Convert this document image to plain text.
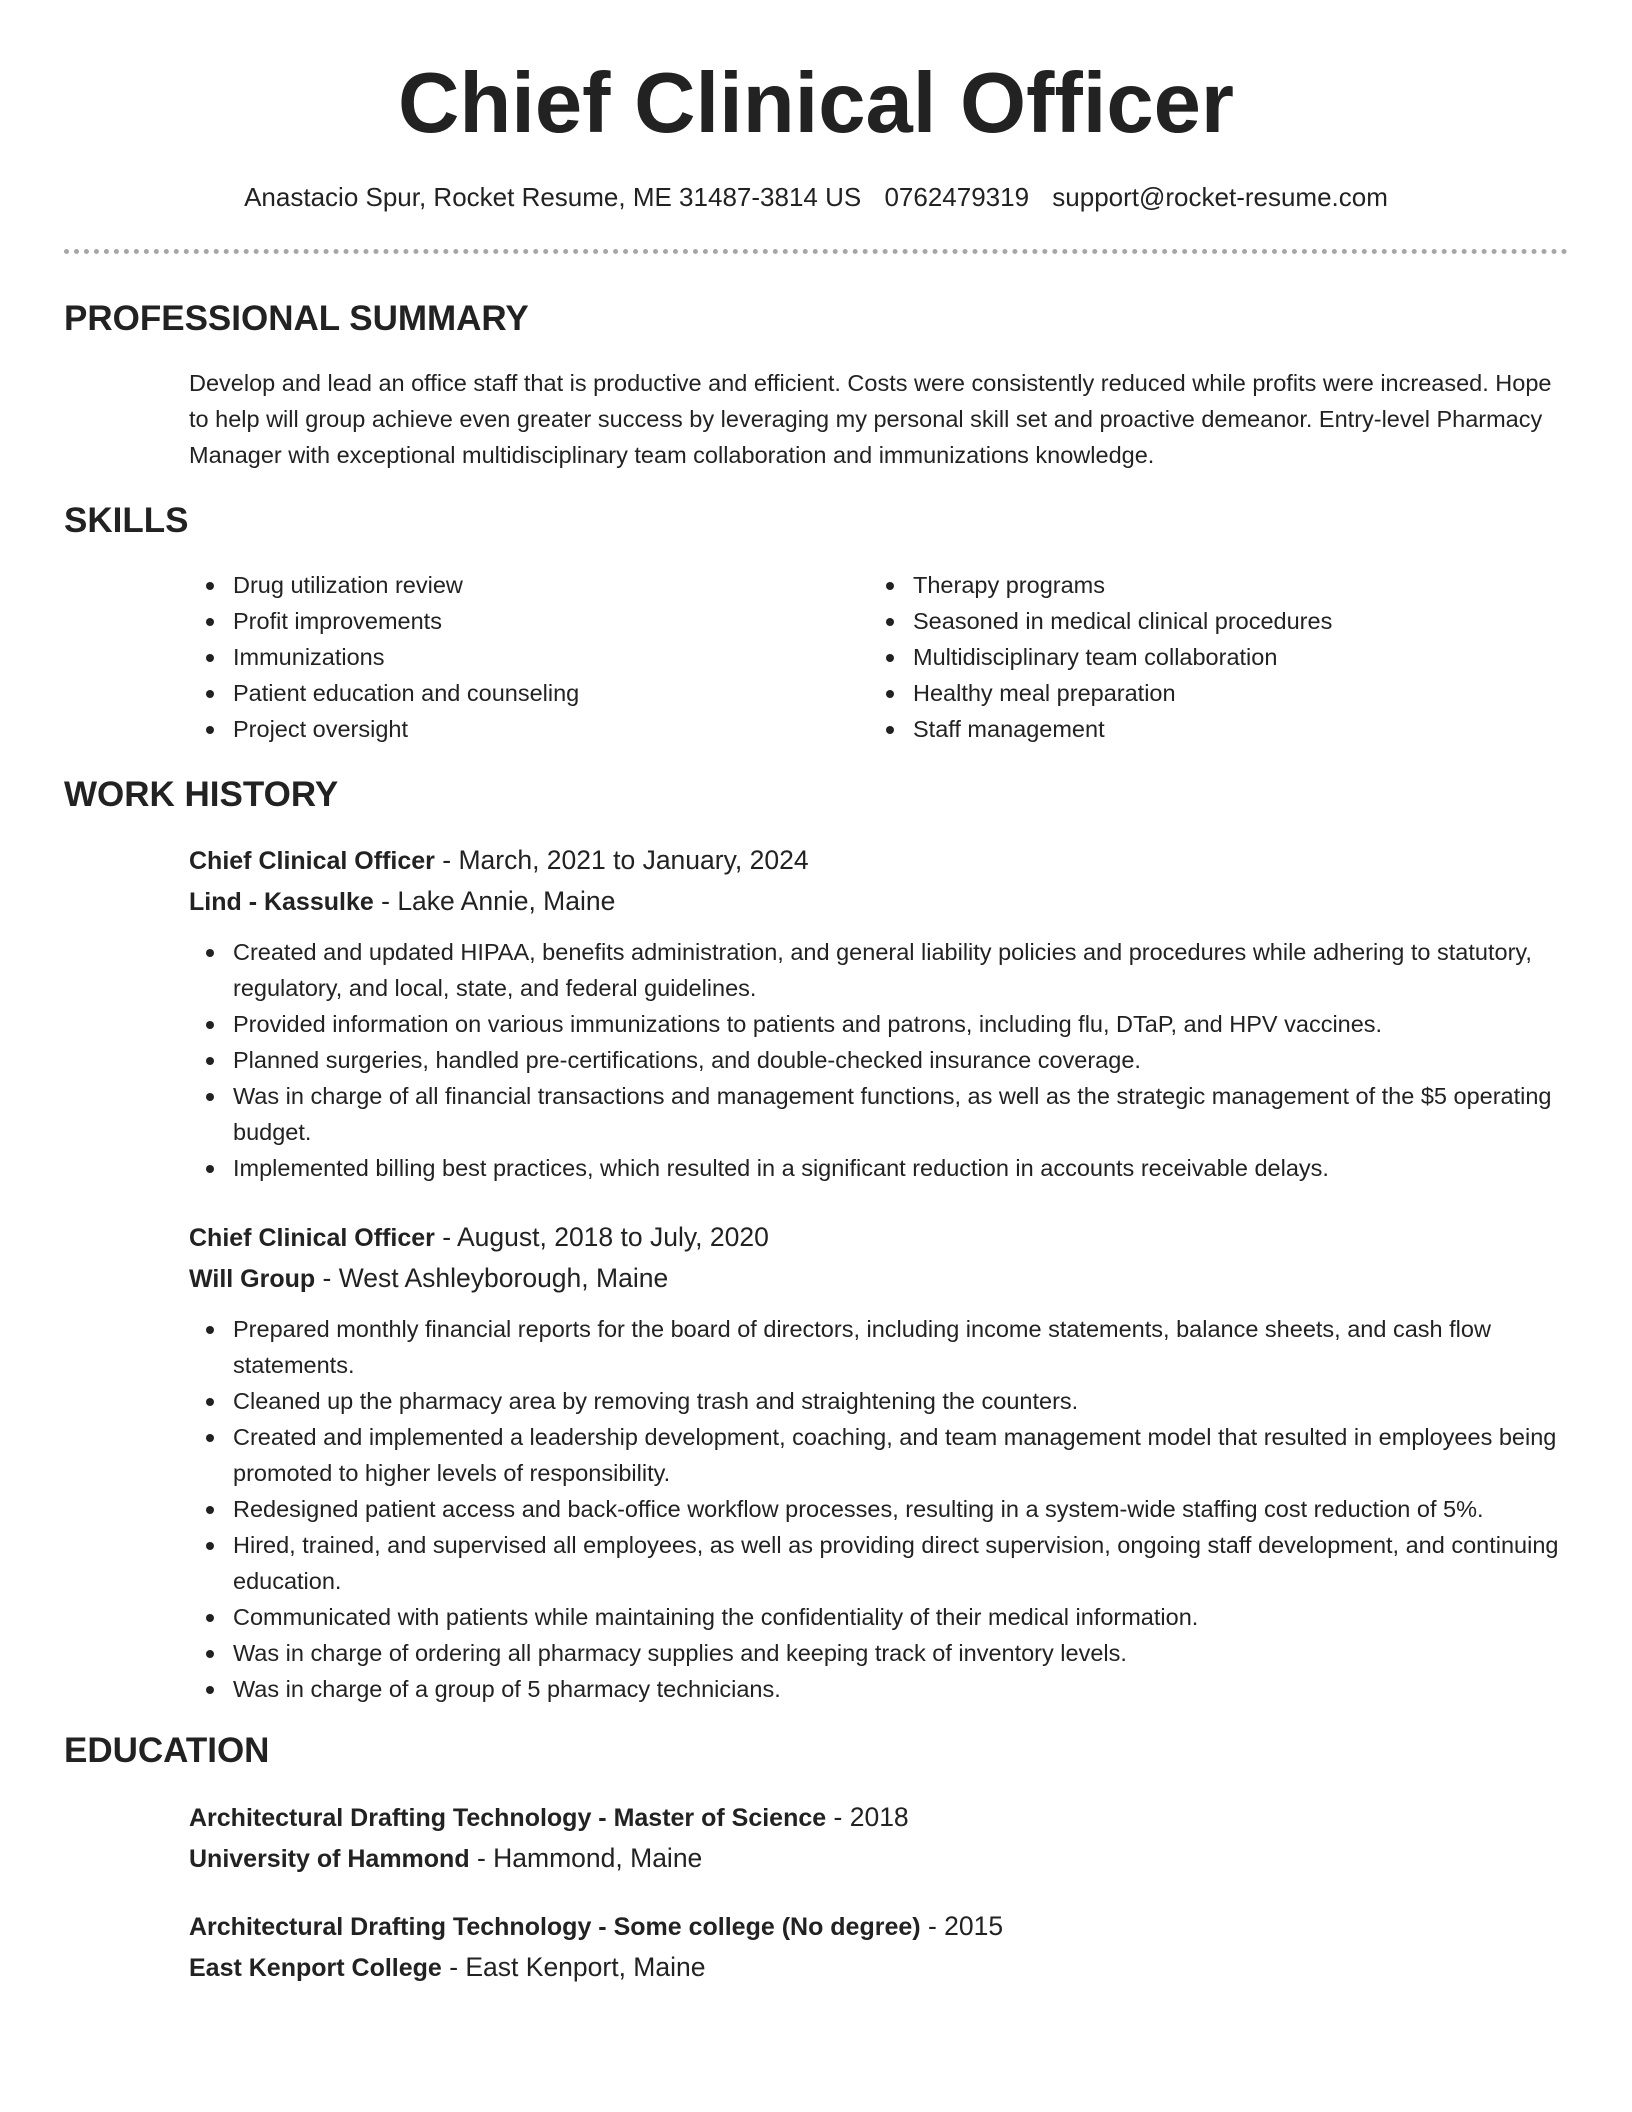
Chief Clinical Officer
Anastacio Spur, Rocket Resume, ME 31487-3814 US 0762479319 support@rocket-resume.com
PROFESSIONAL SUMMARY

Develop and lead an office staff that is productive and efficient. Costs were consistently reduced while profits were increased. Hope to help will group achieve even greater success by leveraging my personal skill set and proactive demeanor. Entry-level Pharmacy Manager with exceptional multidisciplinary team collaboration and immunizations knowledge.

SKILLS
Drug utilization review
Profit improvements
Immunizations
Patient education and counseling
Project oversight
Therapy programs
Seasoned in medical clinical procedures
Multidisciplinary team collaboration
Healthy meal preparation
Staff management
WORK HISTORY

Chief Clinical Officer - March, 2021 to January, 2024

Lind - Kassulke - Lake Annie, Maine

Created and updated HIPAA, benefits administration, and general liability policies and procedures while adhering to statutory, regulatory, and local, state, and federal guidelines.
Provided information on various immunizations to patients and patrons, including flu, DTaP, and HPV vaccines.
Planned surgeries, handled pre-certifications, and double-checked insurance coverage.
Was in charge of all financial transactions and management functions, as well as the strategic management of the $5 operating budget.
Implemented billing best practices, which resulted in a significant reduction in accounts receivable delays.

Chief Clinical Officer - August, 2018 to July, 2020

Will Group - West Ashleyborough, Maine

Prepared monthly financial reports for the board of directors, including income statements, balance sheets, and cash flow statements.
Cleaned up the pharmacy area by removing trash and straightening the counters.
Created and implemented a leadership development, coaching, and team management model that resulted in employees being promoted to higher levels of responsibility.
Redesigned patient access and back-office workflow processes, resulting in a system-wide staffing cost reduction of 5%.
Hired, trained, and supervised all employees, as well as providing direct supervision, ongoing staff development, and continuing education.
Communicated with patients while maintaining the confidentiality of their medical information.
Was in charge of ordering all pharmacy supplies and keeping track of inventory levels.
Was in charge of a group of 5 pharmacy technicians.
EDUCATION

Architectural Drafting Technology - Master of Science - 2018

University of Hammond - Hammond, Maine

Architectural Drafting Technology - Some college (No degree) - 2015

East Kenport College - East Kenport, Maine
